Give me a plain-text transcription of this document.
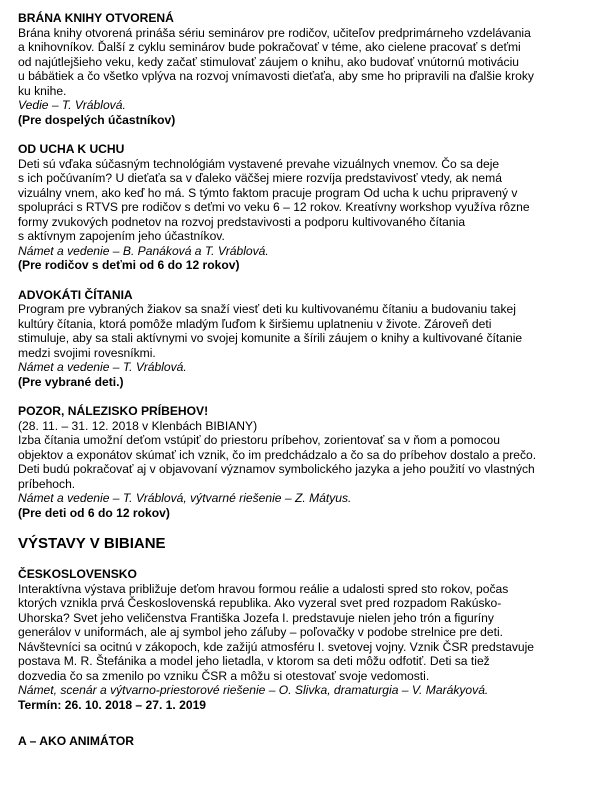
BRÁNA KNIHY OTVORENÁ

Brána knihy otvorená prináša sériu seminárov pre rodičov, učiteľov predprimárneho vzdelávania

a knihovníkov. Ďalší z cyklu seminárov bude pokračovať v téme, ako cielene pracovať s deťmi

od najútlejšieho veku, kedy začať stimulovať záujem o knihu, ako budovať vnútornú motiváciu

u bábätiek a čo všetko vplýva na rozvoj vnímavosti dieťaťa, aby sme ho pripravili na ďalšie kroky

ku knihe.

Vedie – T. Vráblová.

(Pre dospelých účastníkov)

OD UCHA K UCHU

Deti sú vďaka súčasným technológiám vystavené prevahe vizuálnych vnemov. Čo sa deje

s ich počúvaním? U dieťaťa sa v ďaleko väčšej miere rozvíja predstavivosť vtedy, ak nemá

vizuálny vnem, ako keď ho má. S týmto faktom pracuje program Od ucha k uchu pripravený v

spolupráci s RTVS pre rodičov s deťmi vo veku 6 – 12 rokov. Kreatívny workshop využíva rôzne

formy zvukových podnetov na rozvoj predstavivosti a podporu kultivovaného čítania

s aktívnym zapojením jeho účastníkov.

Námet a vedenie – B. Panáková a T. Vráblová.

(Pre rodičov s deťmi od 6 do 12 rokov)

ADVOKÁTI ČÍTANIA

Program pre vybraných žiakov sa snaží viesť deti ku kultivovanému čítaniu a budovaniu takej

kultúry čítania, ktorá pomôže mladým ľuďom k širšiemu uplatneniu v živote. Zároveň deti

stimuluje, aby sa stali aktívnymi vo svojej komunite a šírili záujem o knihy a kultivované čítanie

medzi svojimi rovesníkmi.

Námet a vedenie – T. Vráblová.

(Pre vybrané deti.)

POZOR, NÁLEZISKO PRÍBEHOV!

(28. 11. – 31. 12. 2018 v Klenbách BIBIANY)

Izba čítania umožní deťom vstúpiť do priestoru príbehov, zorientovať sa v ňom a pomocou

objektov a exponátov skúmať ich vznik, čo im predchádzalo a čo sa do príbehov dostalo a prečo.

Deti budú pokračovať aj v objavovaní významov symbolického jazyka a jeho použití vo vlastných

príbehoch.

Námet a vedenie – T. Vráblová, výtvarné riešenie – Z. Mátyus.

(Pre deti od 6 do 12 rokov)

VÝSTAVY V BIBIANE

ČESKOSLOVENSKO

Interaktívna výstava približuje deťom hravou formou reálie a udalosti spred sto rokov, počas

ktorých vznikla prvá Československá republika. Ako vyzeral svet pred rozpadom Rakúsko-

Uhorska? Svet jeho veličenstva Františka Jozefa I. predstavuje nielen jeho trón a figuríny

generálov v uniformách, ale aj symbol jeho záľuby – poľovačky v podobe strelnice pre deti.

Návštevníci sa ocitnú v zákopoch, kde zažijú atmosféru I. svetovej vojny. Vznik ČSR predstavuje

postava M. R. Štefánika a model jeho lietadla, v ktorom sa deti môžu odfotiť. Deti sa tiež

dozvedia čo sa zmenilo po vzniku ČSR a môžu si otestovať svoje vedomosti.

Námet, scenár a výtvarno-priestorové riešenie – O. Slivka, dramaturgia – V. Marákyová.

Termín: 26. 10. 2018 – 27. 1. 2019

A – AKO ANIMÁTOR
